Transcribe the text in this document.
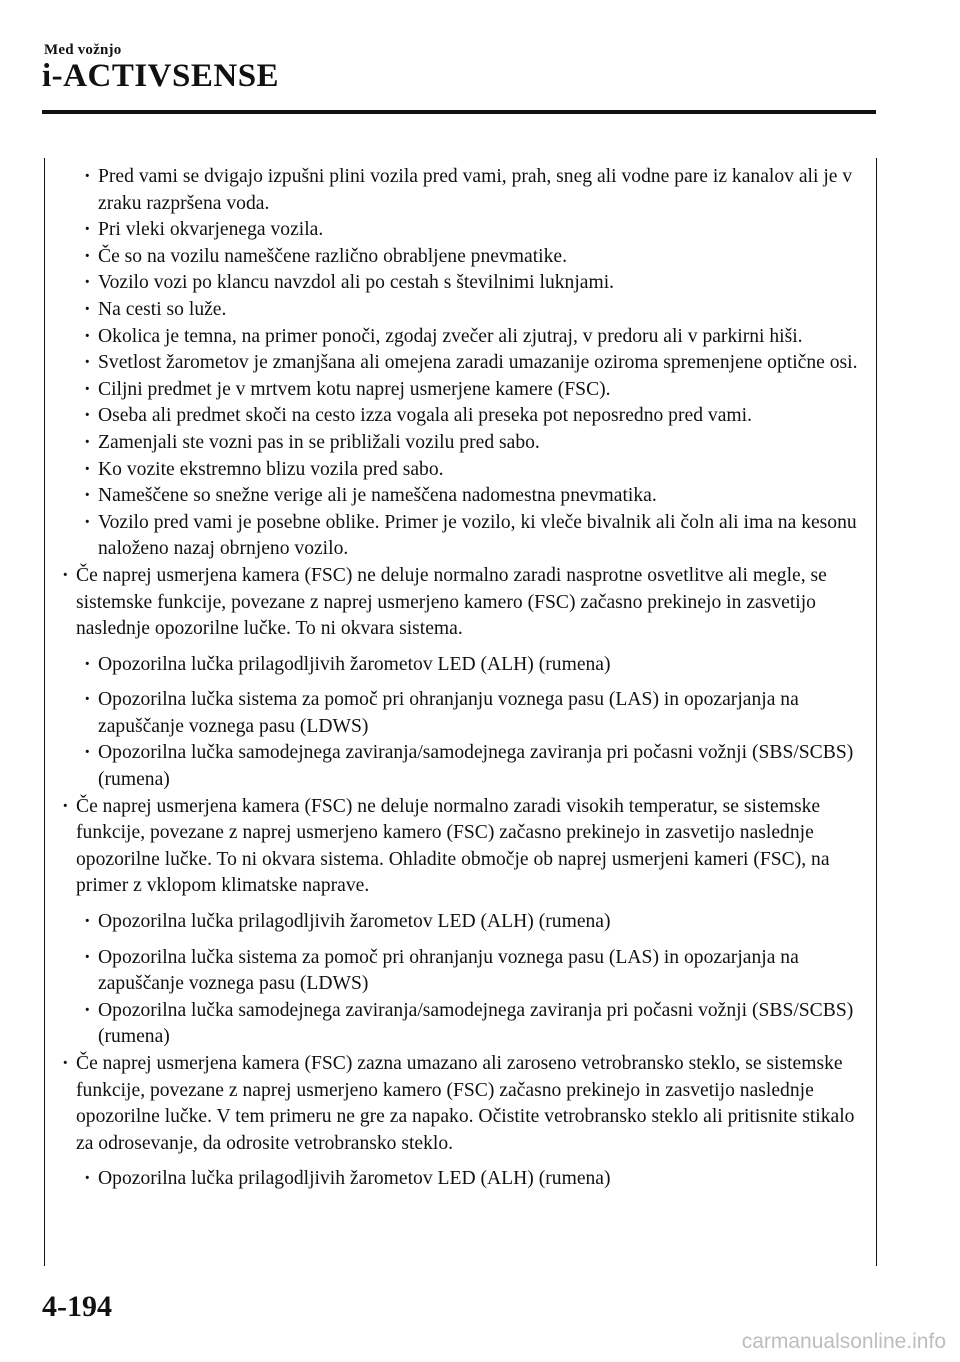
Med vožnjo
i-ACTIVSENSE
· Pred vami se dvigajo izpušni plini vozila pred vami, prah, sneg ali vodne pare iz kanalov ali je v zraku razpršena voda.
· Pri vleki okvarjenega vozila.
· Če so na vozilu nameščene različno obrabljene pnevmatike.
· Vozilo vozi po klancu navzdol ali po cestah s številnimi luknjami.
· Na cesti so luže.
· Okolica je temna, na primer ponoči, zgodaj zvečer ali zjutraj, v predoru ali v parkirni hiši.
· Svetlost žarometov je zmanjšana ali omejena zaradi umazanije oziroma spremenjene optične osi.
· Ciljni predmet je v mrtvem kotu naprej usmerjene kamere (FSC).
· Oseba ali predmet skoči na cesto izza vogala ali preseka pot neposredno pred vami.
· Zamenjali ste vozni pas in se približali vozilu pred sabo.
· Ko vozite ekstremno blizu vozila pred sabo.
· Nameščene so snežne verige ali je nameščena nadomestna pnevmatika.
· Vozilo pred vami je posebne oblike. Primer je vozilo, ki vleče bivalnik ali čoln ali ima na kesonu naloženo nazaj obrnjeno vozilo.
· Če naprej usmerjena kamera (FSC) ne deluje normalno zaradi nasprotne osvetlitve ali megle, se sistemske funkcije, povezane z naprej usmerjeno kamero (FSC) začasno prekinejo in zasvetijo naslednje opozorilne lučke. To ni okvara sistema.
· Opozorilna lučka prilagodljivih žarometov LED (ALH) (rumena)
· Opozorilna lučka sistema za pomoč pri ohranjanju voznega pasu (LAS) in opozarjanja na zapuščanje voznega pasu (LDWS)
· Opozorilna lučka samodejnega zaviranja/samodejnega zaviranja pri počasni vožnji (SBS/SCBS) (rumena)
· Če naprej usmerjena kamera (FSC) ne deluje normalno zaradi visokih temperatur, se sistemske funkcije, povezane z naprej usmerjeno kamero (FSC) začasno prekinejo in zasvetijo naslednje opozorilne lučke. To ni okvara sistema. Ohladite območje ob naprej usmerjeni kameri (FSC), na primer z vklopom klimatske naprave.
· Opozorilna lučka prilagodljivih žarometov LED (ALH) (rumena)
· Opozorilna lučka sistema za pomoč pri ohranjanju voznega pasu (LAS) in opozarjanja na zapuščanje voznega pasu (LDWS)
· Opozorilna lučka samodejnega zaviranja/samodejnega zaviranja pri počasni vožnji (SBS/SCBS) (rumena)
· Če naprej usmerjena kamera (FSC) zazna umazano ali zaroseno vetrobransko steklo, se sistemske funkcije, povezane z naprej usmerjeno kamero (FSC) začasno prekinejo in zasvetijo naslednje opozorilne lučke. V tem primeru ne gre za napako. Očistite vetrobransko steklo ali pritisnite stikalo za odrosevanje, da odrosite vetrobransko steklo.
· Opozorilna lučka prilagodljivih žarometov LED (ALH) (rumena)
4-194
carmanualsonline.info
